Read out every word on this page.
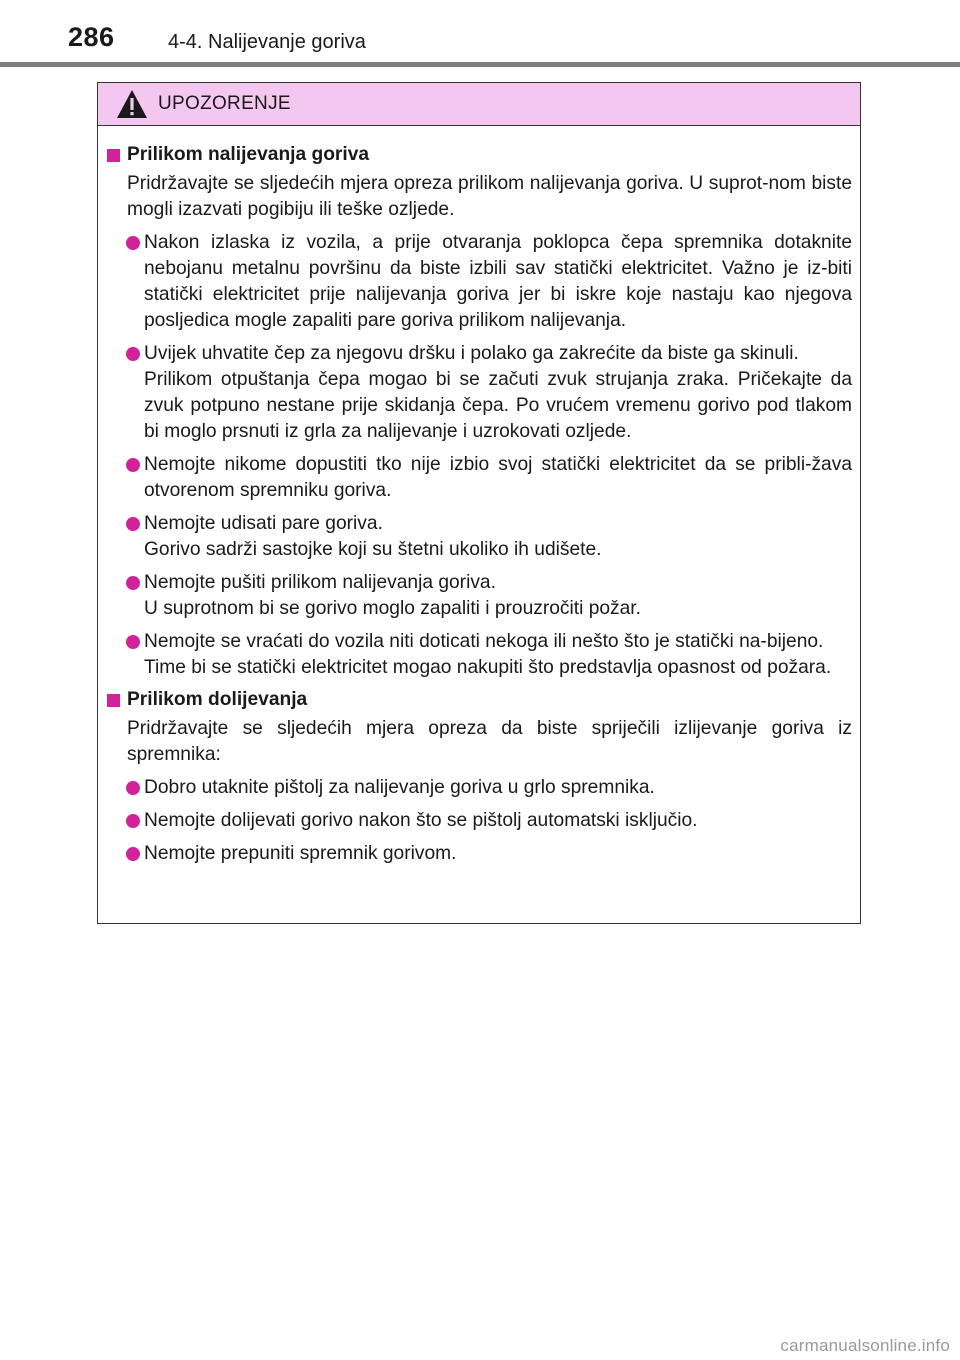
286	4-4. Nalijevanje goriva
UPOZORENJE
Prilikom nalijevanja goriva
Pridržavajte se sljedećih mjera opreza prilikom nalijevanja goriva. U suprot-nom biste mogli izazvati pogibiju ili teške ozljede.
Nakon izlaska iz vozila, a prije otvaranja poklopca čepa spremnika dotaknite nebojanu metalnu površinu da biste izbili sav statički elektricitet. Važno je iz-biti statički elektricitet prije nalijevanja goriva jer bi iskre koje nastaju kao njegova posljedica mogle zapaliti pare goriva prilikom nalijevanja.
Uvijek uhvatite čep za njegovu dršku i polako ga zakrećite da biste ga skinuli.
Prilikom otpuštanja čepa mogao bi se začuti zvuk strujanja zraka. Pričekajte da zvuk potpuno nestane prije skidanja čepa. Po vrućem vremenu gorivo pod tlakom bi moglo prsnuti iz grla za nalijevanje i uzrokovati ozljede.
Nemojte nikome dopustiti tko nije izbio svoj statički elektricitet da se pribli-žava otvorenom spremniku goriva.
Nemojte udisati pare goriva.
Gorivo sadrži sastojke koji su štetni ukoliko ih udišete.
Nemojte pušiti prilikom nalijevanja goriva.
U suprotnom bi se gorivo moglo zapaliti i prouzročiti požar.
Nemojte se vraćati do vozila niti doticati nekoga ili nešto što je statički na-bijeno.
Time bi se statički elektricitet mogao nakupiti što predstavlja opasnost od požara.
Prilikom dolijevanja
Pridržavajte se sljedećih mjera opreza da biste spriječili izlijevanje goriva iz spremnika:
Dobro utaknite pištolj za nalijevanje goriva u grlo spremnika.
Nemojte dolijevati gorivo nakon što se pištolj automatski isključio.
Nemojte prepuniti spremnik gorivom.
carmanualsonline.info
